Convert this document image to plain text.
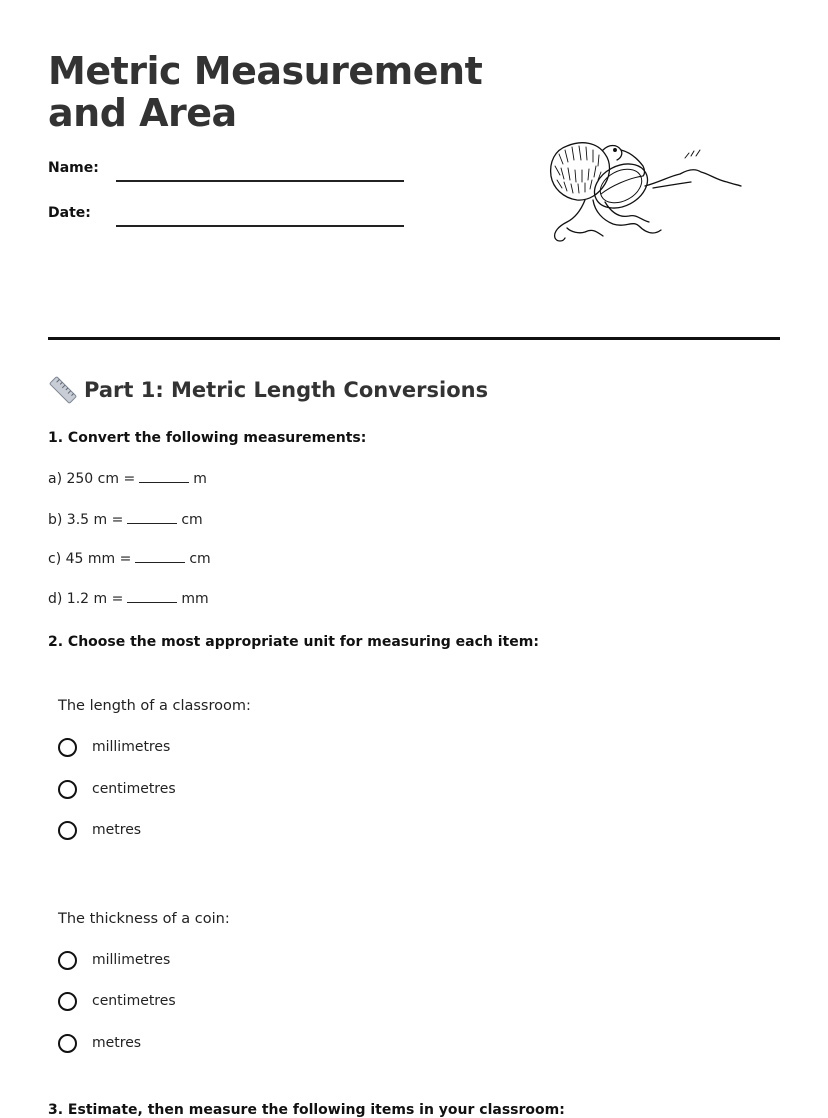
Metric Measurement
and Area
Name:
Date:
Part 1: Metric Length Conversions
1. Convert the following measurements:
a) 250 cm =	m
b) 3.5 m =	cm
c) 45 mm =	cm
d) 1.2 m =	mm
2. Choose the most appropriate unit for measuring each item:
The length of a classroom:
millimetres
centimetres
metres
The thickness of a coin:
millimetres
centimetres
metres
3. Estimate, then measure the following items in your classroom:
